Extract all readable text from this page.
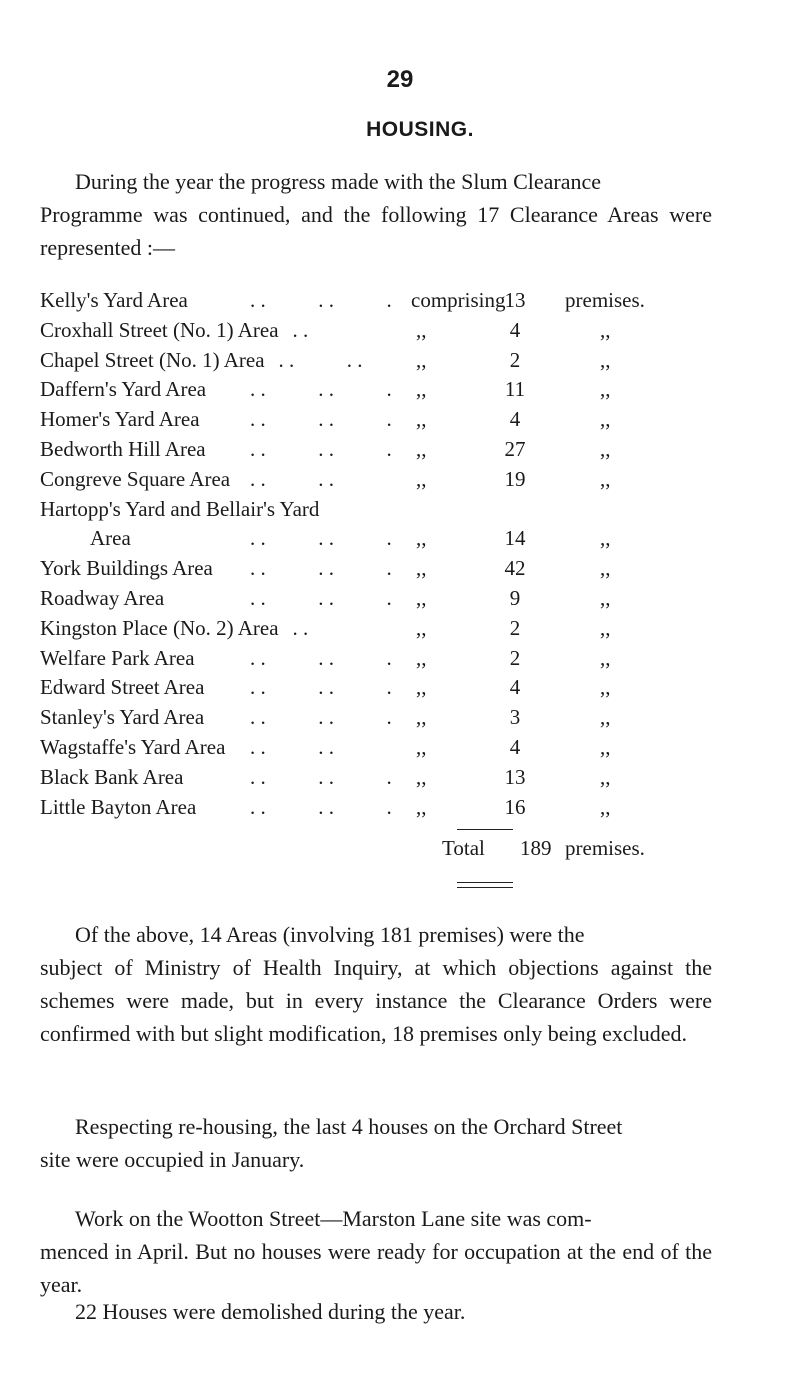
29
HOUSING.
During the year the progress made with the Slum Clearance
Programme was continued, and the following 17 Clearance Areas were represented :—
Kelly's Yard Area	. .          . .          . comprising 13	premises.
Croxhall Street (No. 1) Area . .	,,	4	,,
Chapel Street (No. 1) Area . .          . .	,,	2	,,
Daffern's Yard Area . .          . .          . ,,	11	,,
Homer's Yard Area . .          . .          . ,,	4	,,
Bedworth Hill Area . .          . .          . ,,	27	,,
Congreve Square Area . .          . .	,,	19	,,
Hartopp's Yard and Bellair's Yard
Area	. .          . .          . ,,	14	,,
York Buildings Area . .          . .          . ,,	42	,,
Roadway Area	. .          . .          . ,,	9	,,
Kingston Place (No. 2) Area . .	,,	2	,,
Welfare Park Area	. .          . .          . ,,	2	,,
Edward Street Area . .          . .          . ,,	4	,,
Stanley's Yard Area . .          . .          . ,,	3	,,
Wagstaffe's Yard Area . .          . .	,,	4	,,
Black Bank Area	. .          . .          . ,,	13	,,
Little Bayton Area	. .          . .          . ,,	16	,,
Total 189 premises.
Of the above, 14 Areas (involving 181 premises) were the
subject of Ministry of Health Inquiry, at which objections against the schemes were made, but in every instance the Clearance Orders were confirmed with but slight modification, 18 premises only being excluded.
Respecting re-housing, the last 4 houses on the Orchard Street
site were occupied in January.
Work on the Wootton Street—Marston Lane site was com-
menced in April. But no houses were ready for occupation at the end of the year.
22 Houses were demolished during the year.
